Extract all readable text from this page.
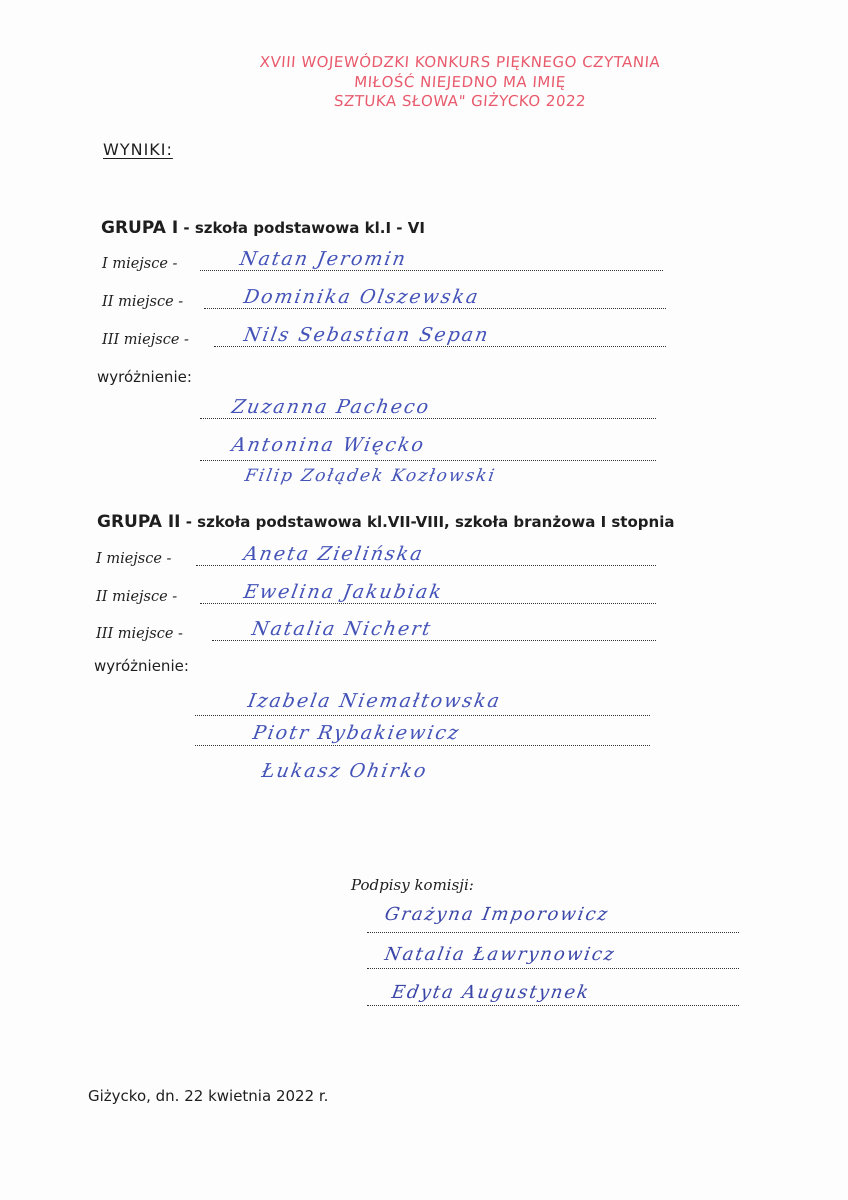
XVIII WOJEWÓDZKI KONKURS PIĘKNEGO CZYTANIA
MIŁOŚĆ NIEJEDNO MA IMIĘ
SZTUKA SŁOWA" GIŻYCKO 2022
WYNIKI:
GRUPA I - szkoła podstawowa kl.I - VI
I miejsce -	Natan Jeromin
II miejsce -	Dominika Olszewska
III miejsce -	Nils Sebastian Sepan
wyróżnienie:
Zuzanna Pacheco
Antonina Więcko
Filip Zołądek Kozłowski
GRUPA II - szkoła podstawowa kl.VII-VIII, szkoła branżowa I stopnia
I miejsce -	Aneta Zielińska
II miejsce -	Ewelina Jakubiak
III miejsce -	Natalia Nichert
wyróżnienie:
Izabela Niemałtowska
Piotr Rybakiewicz
Łukasz Ohirko
Podpisy komisji:
Grażyna Imporowicz
Natalia Ławrynowicz
Edyta Augustynek
Giżycko, dn. 22 kwietnia 2022 r.
